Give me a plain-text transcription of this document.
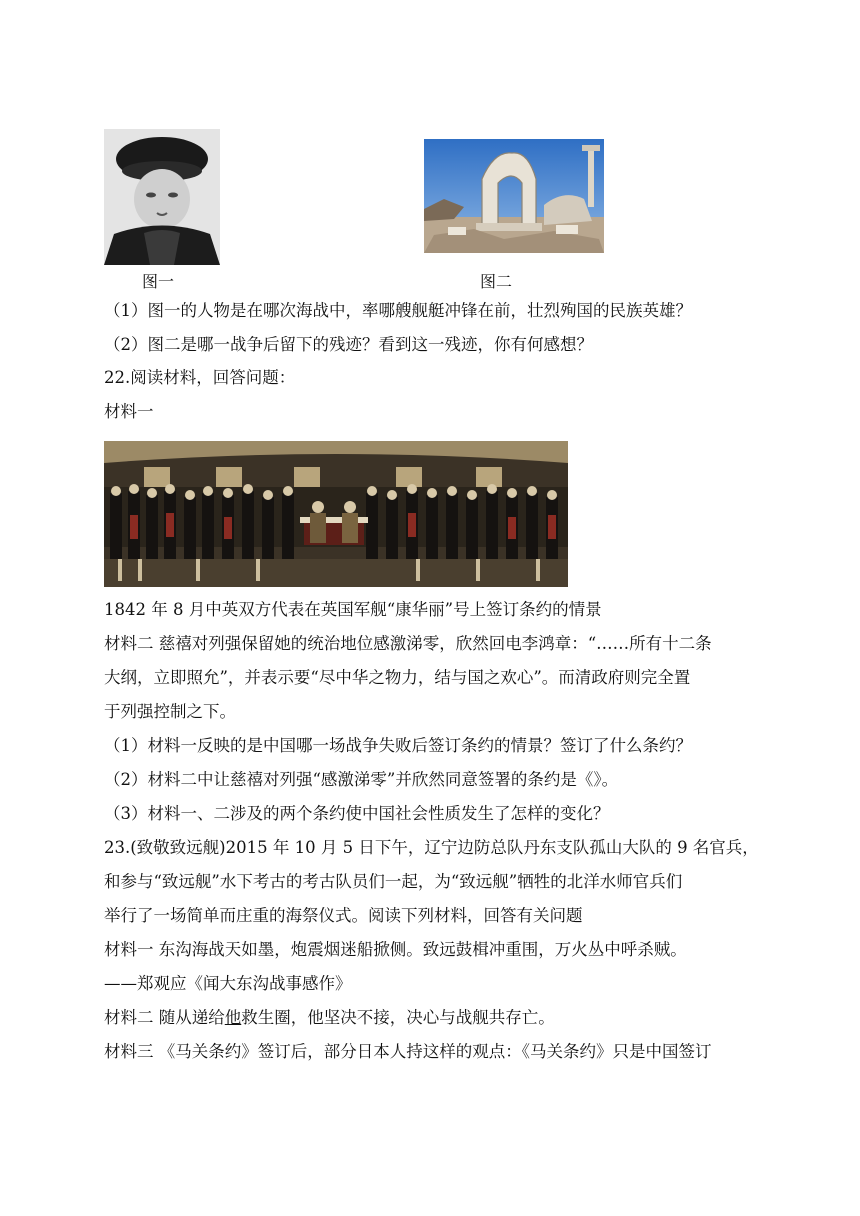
图一	图二
（1）图一的人物是在哪次海战中，率哪艘舰艇冲锋在前，壮烈殉国的民族英雄？
（2）图二是哪一战争后留下的残迹？看到这一残迹，你有何感想？
22.阅读材料，回答问题：
材料一
1842 年 8 月中英双方代表在英国军舰“康华丽”号上签订条约的情景
材料二 慈禧对列强保留她的统治地位感激涕零，欣然回电李鸿章：“……所有十二条
大纲，立即照允”，并表示要“尽中华之物力，结与国之欢心”。而清政府则完全置
于列强控制之下。
（1）材料一反映的是中国哪一场战争失败后签订条约的情景？签订了什么条约？
（2）材料二中让慈禧对列强“感激涕零”并欣然同意签署的条约是《》。
（3）材料一、二涉及的两个条约使中国社会性质发生了怎样的变化？
23.(致敬致远舰)2015 年 10 月 5 日下午，辽宁边防总队丹东支队孤山大队的 9 名官兵，
和参与“致远舰”水下考古的考古队员们一起，为“致远舰”牺牲的北洋水师官兵们
举行了一场简单而庄重的海祭仪式。阅读下列材料，回答有关问题
材料一 东沟海战天如墨，炮震烟迷船掀侧。致远鼓楫冲重围，万火丛中呼杀贼。
——郑观应《闻大东沟战事感作》
材料二 随从递给他救生圈，他坚决不接，决心与战舰共存亡。
材料三 《马关条约》签订后，部分日本人持这样的观点：《马关条约》只是中国签订
